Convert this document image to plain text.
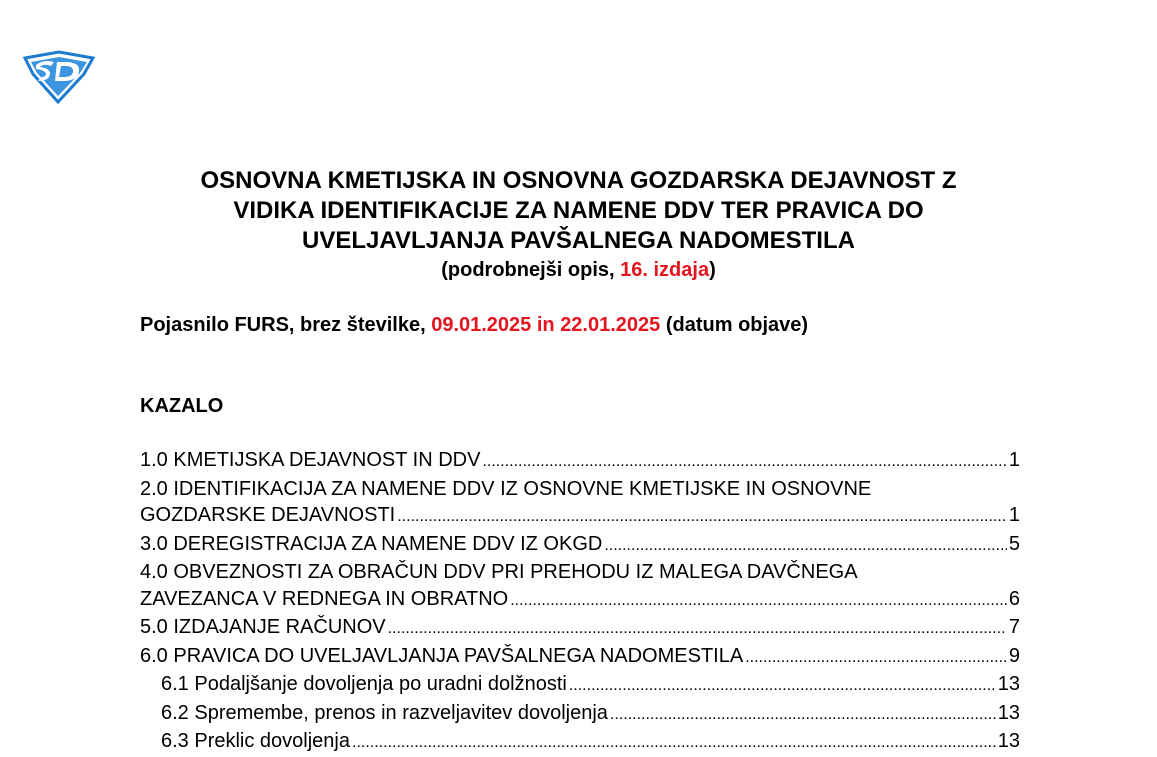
OSNOVNA KMETIJSKA IN OSNOVNA GOZDARSKA DEJAVNOST Z
VIDIKA IDENTIFIKACIJE ZA NAMENE DDV TER PRAVICA DO
UVELJAVLJANJA PAVŠALNEGA NADOMESTILA
(podrobnejši opis, 16. izdaja)
Pojasnilo FURS, brez številke, 09.01.2025 in 22.01.2025 (datum objave)
KAZALO
1.0 KMETIJSKA DEJAVNOST IN DDV .....	1
2.0 IDENTIFIKACIJA ZA NAMENE DDV IZ OSNOVNE KMETIJSKE IN OSNOVNE
GOZDARSKE DEJAVNOSTI .....	1
3.0 DEREGISTRACIJA ZA NAMENE DDV IZ OKGD .....	5
4.0 OBVEZNOSTI ZA OBRAČUN DDV PRI PREHODU IZ MALEGA DAVČNEGA
ZAVEZANCA V REDNEGA IN OBRATNO .....	6
5.0 IZDAJANJE RAČUNOV .....	7
6.0 PRAVICA DO UVELJAVLJANJA PAVŠALNEGA NADOMESTILA .....	9
6.1 Podaljšanje dovoljenja po uradni dolžnosti .....	13
6.2 Spremembe, prenos in razveljavitev dovoljenja .....	13
6.3 Preklic dovoljenja .....	13
